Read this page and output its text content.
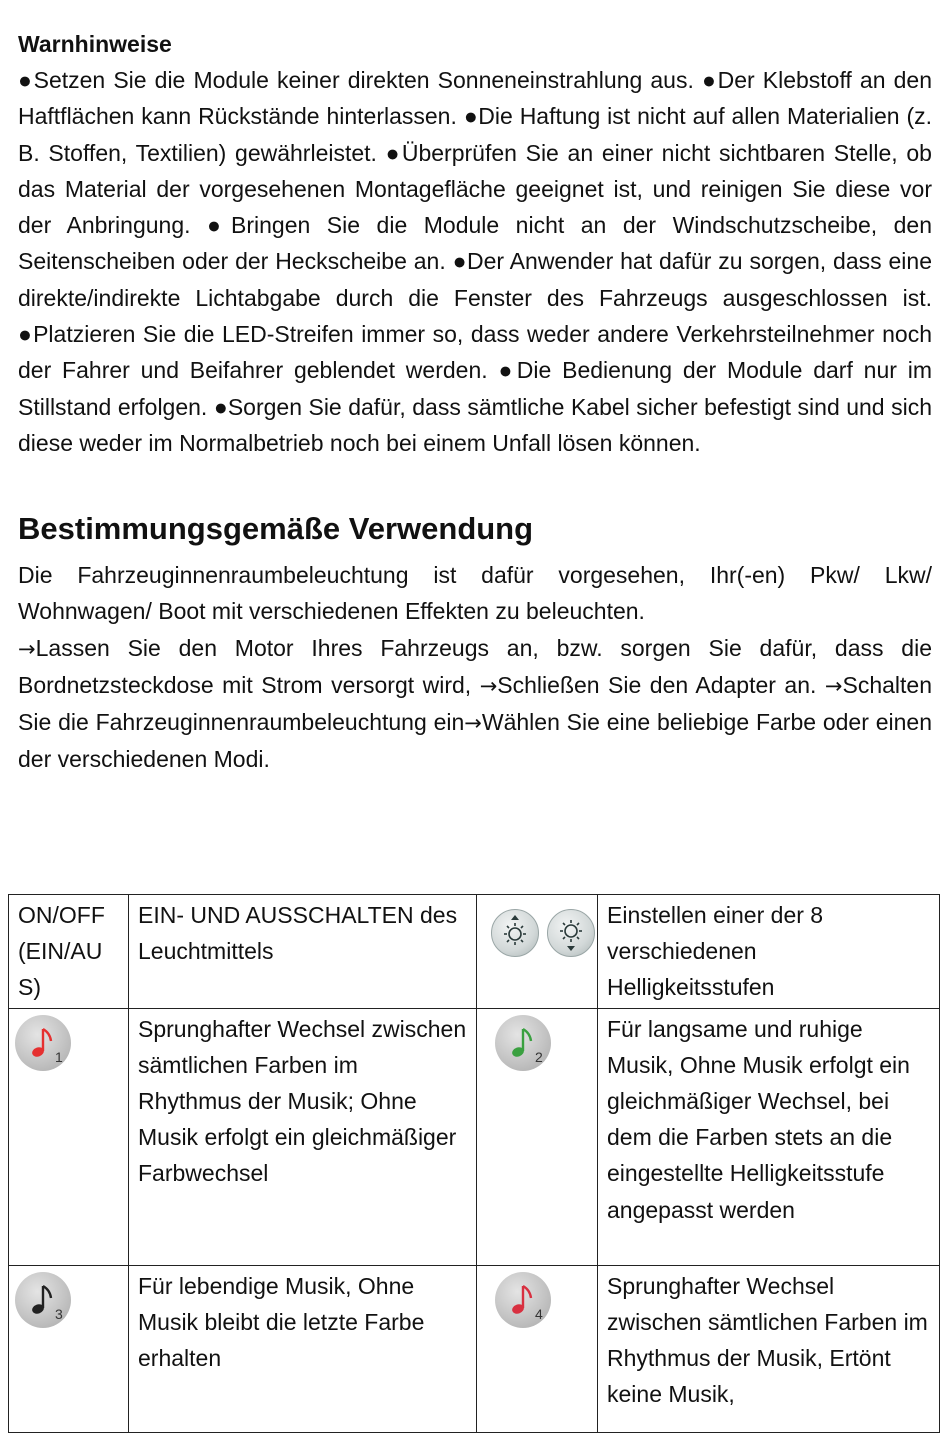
Warnhinweise

●Setzen Sie die Module keiner direkten Sonneneinstrahlung aus. ●Der Klebstoff an den Haftflächen kann Rückstände hinterlassen. ●Die Haftung ist nicht auf allen Materialien (z. B. Stoffen, Textilien) gewährleistet. ●Überprüfen Sie an einer nicht sichtbaren Stelle, ob das Material der vorgesehenen Montagefläche geeignet ist, und reinigen Sie diese vor der Anbringung. ●Bringen Sie die Module nicht an der Windschutzscheibe, den Seitenscheiben oder der Heckscheibe an. ●Der Anwender hat dafür zu sorgen, dass eine direkte/indirekte Lichtabgabe durch die Fenster des Fahrzeugs ausgeschlossen ist. ●Platzieren Sie die LED-Streifen immer so, dass weder andere Verkehrsteilnehmer noch der Fahrer und Beifahrer geblendet werden. ●Die Bedienung der Module darf nur im Stillstand erfolgen. ●Sorgen Sie dafür, dass sämtliche Kabel sicher befestigt sind und sich diese weder im Normalbetrieb noch bei einem Unfall lösen können.

Bestimmungsgemäße Verwendung

Die Fahrzeuginnenraumbeleuchtung ist dafür vorgesehen, Ihr(-en) Pkw/ Lkw/ Wohnwagen/ Boot mit verschiedenen Effekten zu beleuchten.

→Lassen Sie den Motor Ihres Fahrzeugs an, bzw. sorgen Sie dafür, dass die Bordnetzsteckdose mit Strom versorgt wird, →Schließen Sie den Adapter an. →Schalten Sie die Fahrzeuginnenraumbeleuchtung ein→Wählen Sie eine beliebige Farbe oder einen der verschiedenen Modi.

ON/OFF (EIN/AUS)	EIN- UND AUSSCHALTEN des Leuchtmittels		Einstellen einer der 8 verschiedenen Helligkeitsstufen

1	Sprunghafter Wechsel zwischen sämtlichen Farben im Rhythmus der Musik; Ohne Musik erfolgt ein gleichmäßiger Farbwechsel	2	Für langsame und ruhige Musik, Ohne Musik erfolgt ein gleichmäßiger Wechsel, bei dem die Farben stets an die eingestellte Helligkeitsstufe angepasst werden

3	Für lebendige Musik, Ohne Musik bleibt die letzte Farbe erhalten	4	Sprunghafter Wechsel zwischen sämtlichen Farben im Rhythmus der Musik, Ertönt keine Musik,
